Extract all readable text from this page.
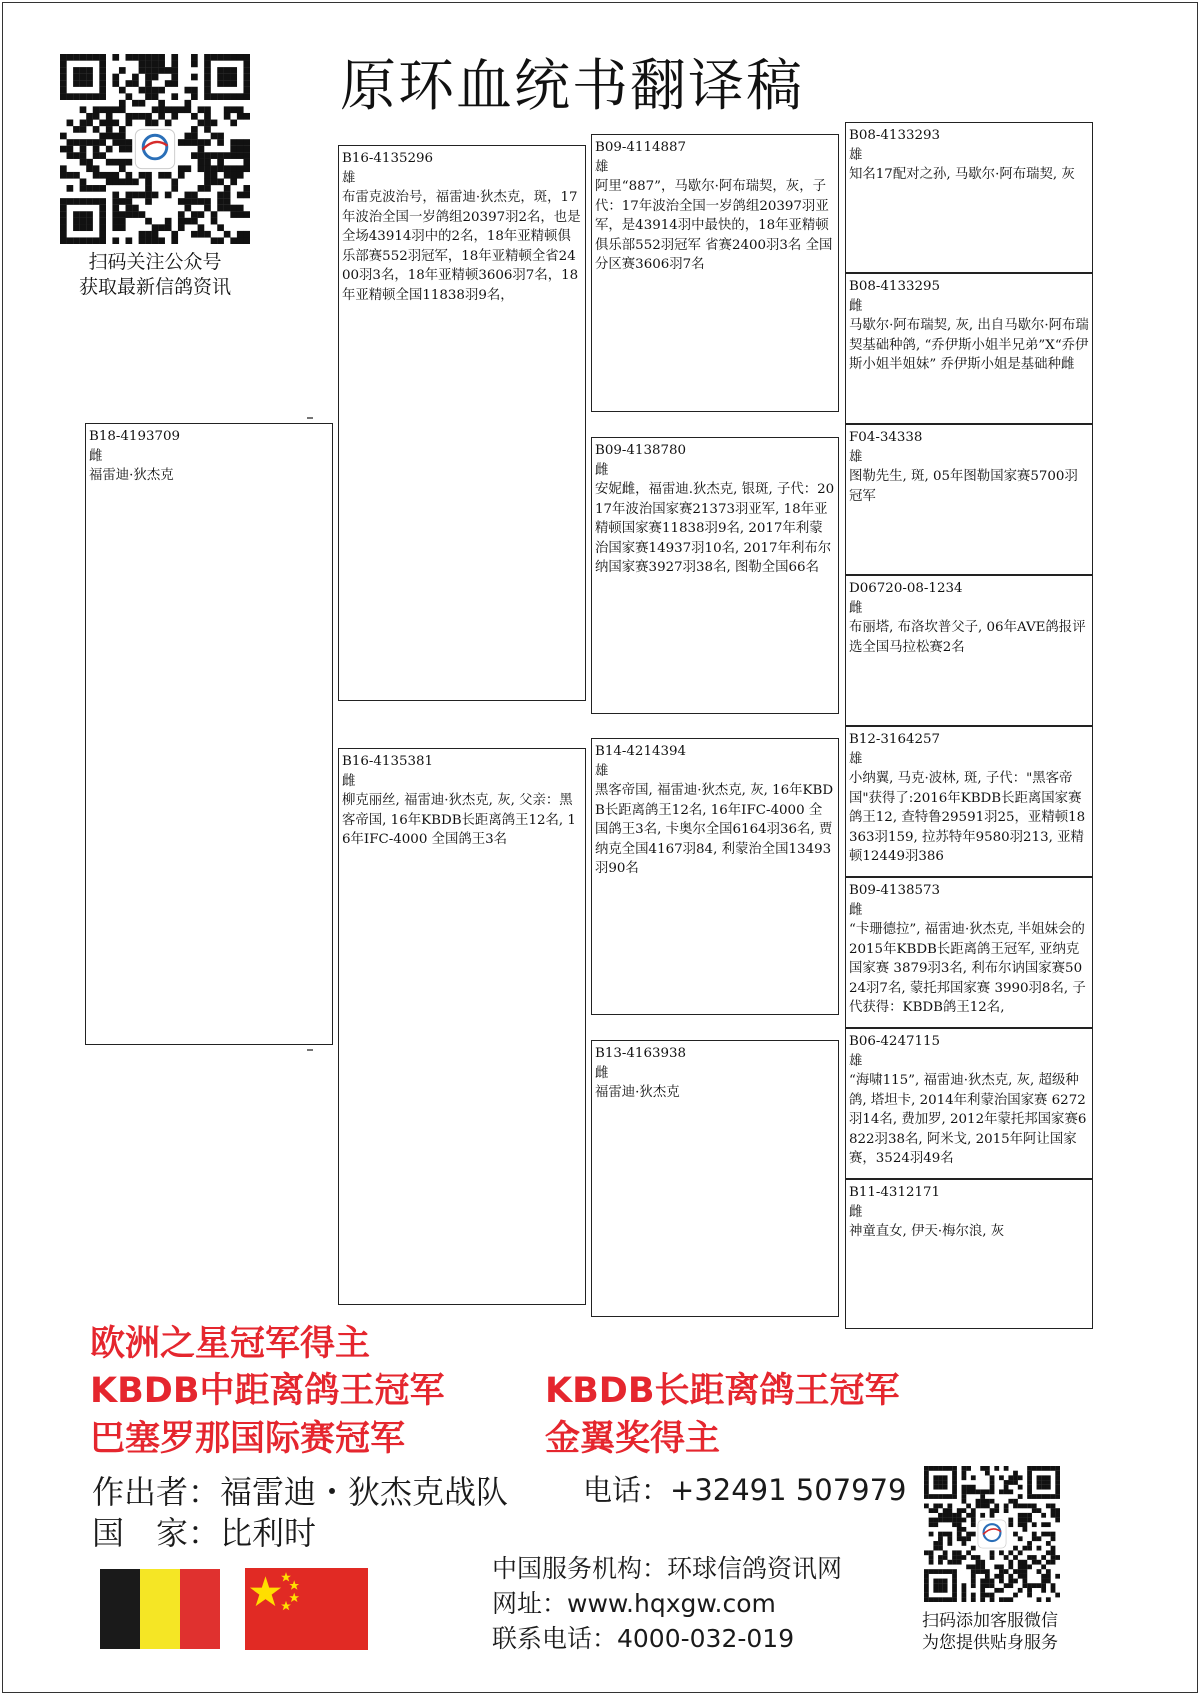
扫码关注公众号
获取最新信鸽资讯
原环血统书翻译稿
B18-4193709
雌
福雷迪·狄杰克
B16-4135296
雄
布雷克波治号，福雷迪·狄杰克，斑，17年波治全国一岁鸽组20397羽2名，也是全场43914羽中的2名，18年亚精顿俱乐部赛552羽冠军，18年亚精顿全省2400羽3名，18年亚精顿3606羽7名，18年亚精顿全国11838羽9名，
B16-4135381
雌
柳克丽丝, 福雷迪·狄杰克, 灰, 父亲：黑客帝国, 16年KBDB长距离鸽王12名, 16年IFC-4000 全国鸽王3名
B09-4114887
雄
阿里“887”，马歇尔·阿布瑞契，灰，子代：17年波治全国一岁鸽组20397羽亚军，是43914羽中最快的，18年亚精顿俱乐部552羽冠军 省赛2400羽3名 全国分区赛3606羽7名
B09-4138780
雌
安妮雌，福雷迪.狄杰克, 银斑, 子代：2017年波治国家赛21373羽亚军, 18年亚精顿国家赛11838羽9名, 2017年利蒙治国家赛14937羽10名, 2017年利布尔纳国家赛3927羽38名, 图勒全国66名
B14-4214394
雄
黑客帝国, 福雷迪·狄杰克, 灰, 16年KBDB长距离鸽王12名, 16年IFC-4000 全国鸽王3名, 卡奥尔全国6164羽36名, 贾纳克全国4167羽84, 利蒙治全国13493羽90名
B13-4163938
雌
福雷迪·狄杰克
B08-4133293
雄
知名17配对之孙, 马歇尔·阿布瑞契, 灰
B08-4133295
雌
马歇尔·阿布瑞契, 灰, 出自马歇尔·阿布瑞契基础种鸽, “乔伊斯小姐半兄弟”X“乔伊斯小姐半姐妹” 乔伊斯小姐是基础种雌
F04-34338
雄
图勒先生, 斑, 05年图勒国家赛5700羽冠军
D06720-08-1234
雌
布丽塔, 布洛坎普父子, 06年AVE鸽报评选全国马拉松赛2名
B12-3164257
雄
小纳翼, 马克·波林, 斑, 子代："黑客帝国"获得了:2016年KBDB长距离国家赛鸽王12, 查特鲁29591羽25，亚精顿18363羽159, 拉苏特年9580羽213, 亚精顿12449羽386
B09-4138573
雌
“卡珊德拉”, 福雷迪·狄杰克, 半姐妹会的2015年KBDB长距离鸽王冠军, 亚纳克国家赛 3879羽3名, 利布尔讷国家赛5024羽7名, 蒙托邦国家赛 3990羽8名, 子代获得：KBDB鸽王12名,
B06-4247115
雄
“海啸115”, 福雷迪·狄杰克, 灰, 超级种鸽, 塔坦卡, 2014年利蒙治国家赛 6272羽14名, 费加罗, 2012年蒙托邦国家赛6822羽38名, 阿米戈, 2015年阿让国家赛，3524羽49名
B11-4312171
雌
神童直女, 伊天·梅尔浪, 灰
欧洲之星冠军得主
KBDB中距离鸽王冠军
巴塞罗那国际赛冠军
KBDB长距离鸽王冠军
金翼奖得主
作出者：福雷迪・狄杰克战队	电话：+32491 507979
国　家：比利时
中国服务机构：环球信鸽资讯网
网址：www.hqxgw.com
联系电话：4000-032-019
扫码添加客服微信
为您提供贴身服务
